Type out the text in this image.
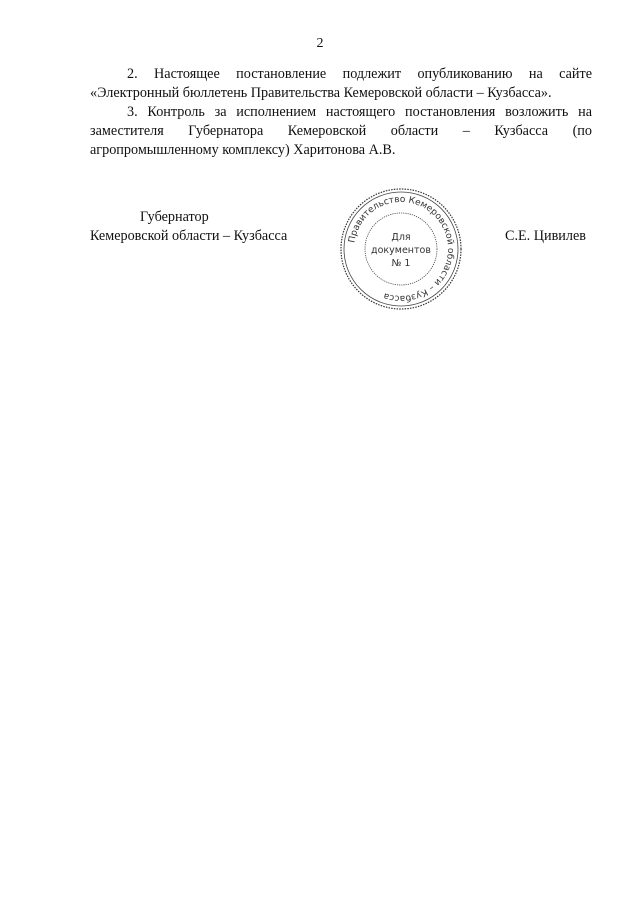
2

2. Настоящее постановление подлежит опубликованию на сайте «Электронный бюллетень Правительства Кемеровской области – Кузбасса».

3. Контроль за исполнением настоящего постановления возложить на заместителя Губернатора Кемеровской области – Кузбасса (по агропромышленному комплексу) Харитонова А.В.

Губернатор
Кемеровской области – Кузбасса	Правительство Кемеровской области – Кузбасса
Для
документов
№ 1
С.Е. Цивилев
